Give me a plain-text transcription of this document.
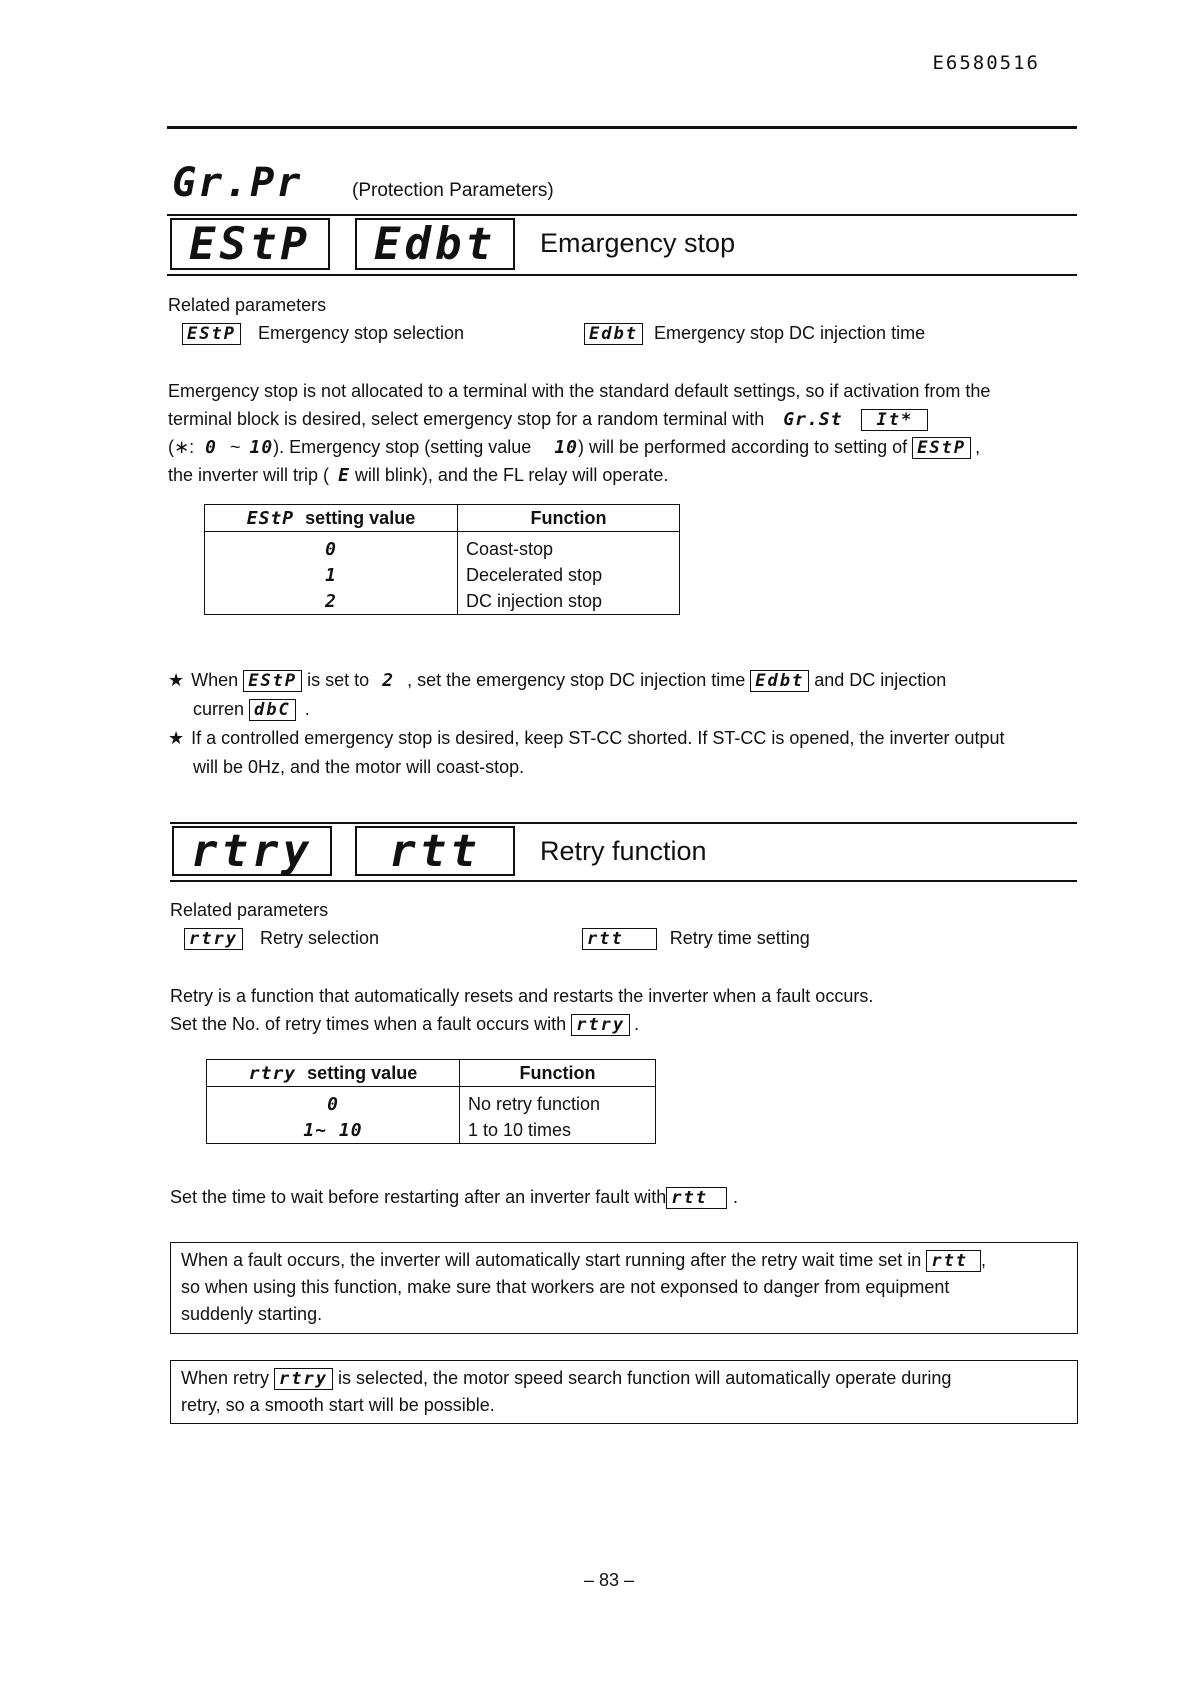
E6580516
Gr.Pr	(Protection Parameters)
EStP	Edbt	Emargency stop
Related parameters
EStP Emergency stop selection	Edbt Emergency stop DC injection time
Emergency stop is not allocated to a terminal with the standard default settings, so if activation from the
terminal block is desired, select emergency stop for a random terminal with Gr.St It*
(∗: 0 ~ 10). Emergency stop (setting value 10) will be performed according to setting of EStP ,
the inverter will trip ( E will blink), and the FL relay will operate.
EStP setting value	Function
0	Coast-stop
1	Decelerated stop
2	DC injection stop
★ When EStP is set to 2 , set the emergency stop DC injection time Edbt and DC injection
curren dbC .
★ If a controlled emergency stop is desired, keep ST-CC shorted. If ST-CC is opened, the inverter output
will be 0Hz, and the motor will coast-stop.
rtry	rtt	Retry function
Related parameters
rtry Retry selection	rtt	Retry time setting
Retry is a function that automatically resets and restarts the inverter when a fault occurs.
Set the No. of retry times when a fault occurs with rtry .
rtry setting value	Function
0	No retry function
1~ 10	1 to 10 times
Set the time to wait before restarting after an inverter fault with rtt .
When a fault occurs, the inverter will automatically start running after the retry wait time set in rtt ,
so when using this function, make sure that workers are not exponsed to danger from equipment
suddenly starting.
When retry rtry is selected, the motor speed search function will automatically operate during
retry, so a smooth start will be possible.
– 83 –
